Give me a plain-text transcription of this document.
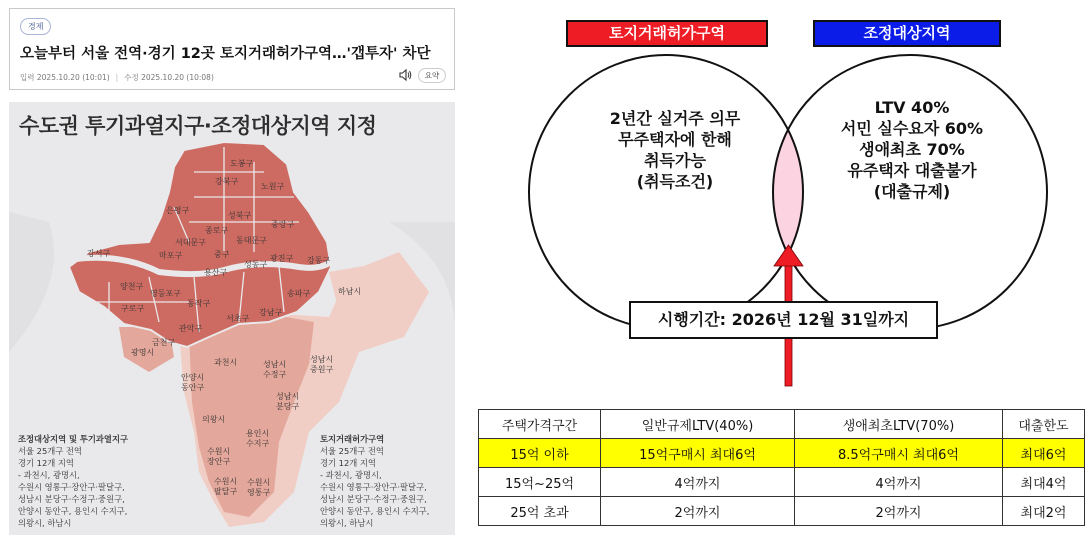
경제
오늘부터 서울 전역·경기 12곳 토지거래허가구역…'갭투자' 차단
입력 2025.10.20 (10:01) | 수정 2025.10.20 (10:08)	요약
수도권 투기과열지구·조정대상지역 지정
도봉구
강북구
노원구
은평구
성북구
중랑구
종로구
서대문구	동대문구
마포구	중구
강서구
용산구
성동구
광진구 강동구
양천구
영등포구
동작구
구로구
송파구
강남구
관악구
서초구
금천구
하남시
광명시
과천시
안양시
동안구
성남시
수정구
성남시
중원구
의왕시
성남시
분당구
용인시
수지구
수원시
장안구
수원시
팔달구
수원시
영통구
조정대상지역 및 투기과열지구
서울 25개구 전역
경기 12개 지역
- 과천시, 광명시,
수원시 영통구·장안구·팔달구,
성남시 분당구·수정구·중원구,
안양시 동안구, 용인시 수지구,
의왕시, 하남시
토지거래허가구역
서울 25개구 전역
경기 12개 지역
- 과천시, 광명시,
수원시 영통구·장안구·팔달구,
성남시 분당구·수정구·중원구,
안양시 동안구, 용인시 수지구,
의왕시, 하남시
토지거래허가구역	조정대상지역
2년간 실거주 의무
무주택자에 한해
취득가능
(취득조건)
LTV 40%
서민 실수요자 60%
생애최초 70%
유주택자 대출불가
(대출규제)
시행기간: 2026년 12월 31일까지
주택가격구간	일반규제LTV(40%)	생애최초LTV(70%)	대출한도
15억 이하	15억구매시 최대6억	8.5억구매시 최대6억	최대6억
15억~25억	4억까지	4억까지	최대4억
25억 초과	2억까지	2억까지	최대2억
